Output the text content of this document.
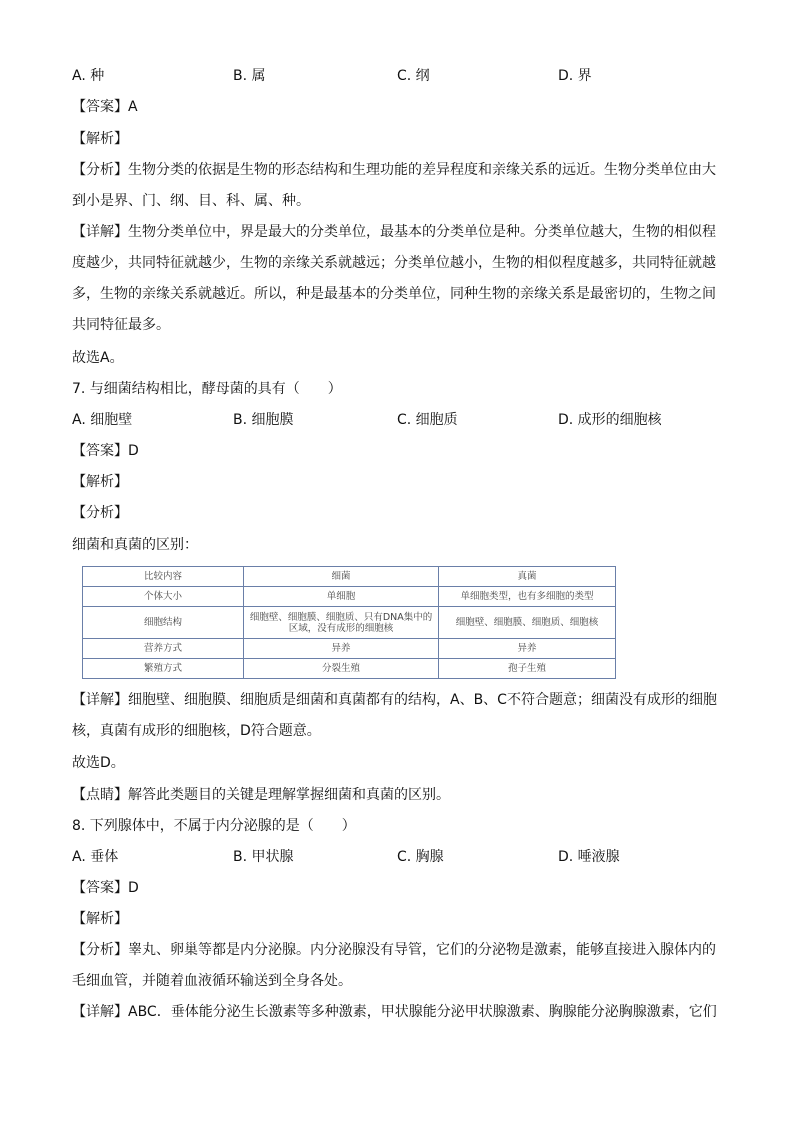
A. 种	B. 属	C. 纲	D. 界
【答案】A
【解析】
【分析】生物分类的依据是生物的形态结构和生理功能的差异程度和亲缘关系的远近。生物分类单位由大到小是界、门、纲、目、科、属、种。
【详解】生物分类单位中，界是最大的分类单位，最基本的分类单位是种。分类单位越大，生物的相似程度越少，共同特征就越少，生物的亲缘关系就越远；分类单位越小，生物的相似程度越多，共同特征就越多，生物的亲缘关系就越近。所以，种是最基本的分类单位，同种生物的亲缘关系是最密切的，生物之间共同特征最多。
故选A。
7. 与细菌结构相比，酵母菌的具有（　　）
A. 细胞壁	B. 细胞膜	C. 细胞质	D. 成形的细胞核
【答案】D
【解析】
【分析】
细菌和真菌的区别：
比较内容	细菌	真菌
个体大小	单细胞	单细胞类型，也有多细胞的类型
细胞结构	细胞壁、细胞膜、细胞质、只有DNA集中的区域，没有成形的细胞核	细胞壁、细胞膜、细胞质、细胞核
营养方式	异养	异养
繁殖方式	分裂生殖	孢子生殖
【详解】细胞壁、细胞膜、细胞质是细菌和真菌都有的结构，A、B、C不符合题意；细菌没有成形的细胞核，真菌有成形的细胞核，D符合题意。
故选D。
【点睛】解答此类题目的关键是理解掌握细菌和真菌的区别。
8. 下列腺体中，不属于内分泌腺的是（　　）
A. 垂体	B. 甲状腺	C. 胸腺	D. 唾液腺
【答案】D
【解析】
【分析】睾丸、卵巢等都是内分泌腺。内分泌腺没有导管，它们的分泌物是激素，能够直接进入腺体内的毛细血管，并随着血液循环输送到全身各处。
【详解】ABC．垂体能分泌生长激素等多种激素，甲状腺能分泌甲状腺激素、胸腺能分泌胸腺激素，它们
